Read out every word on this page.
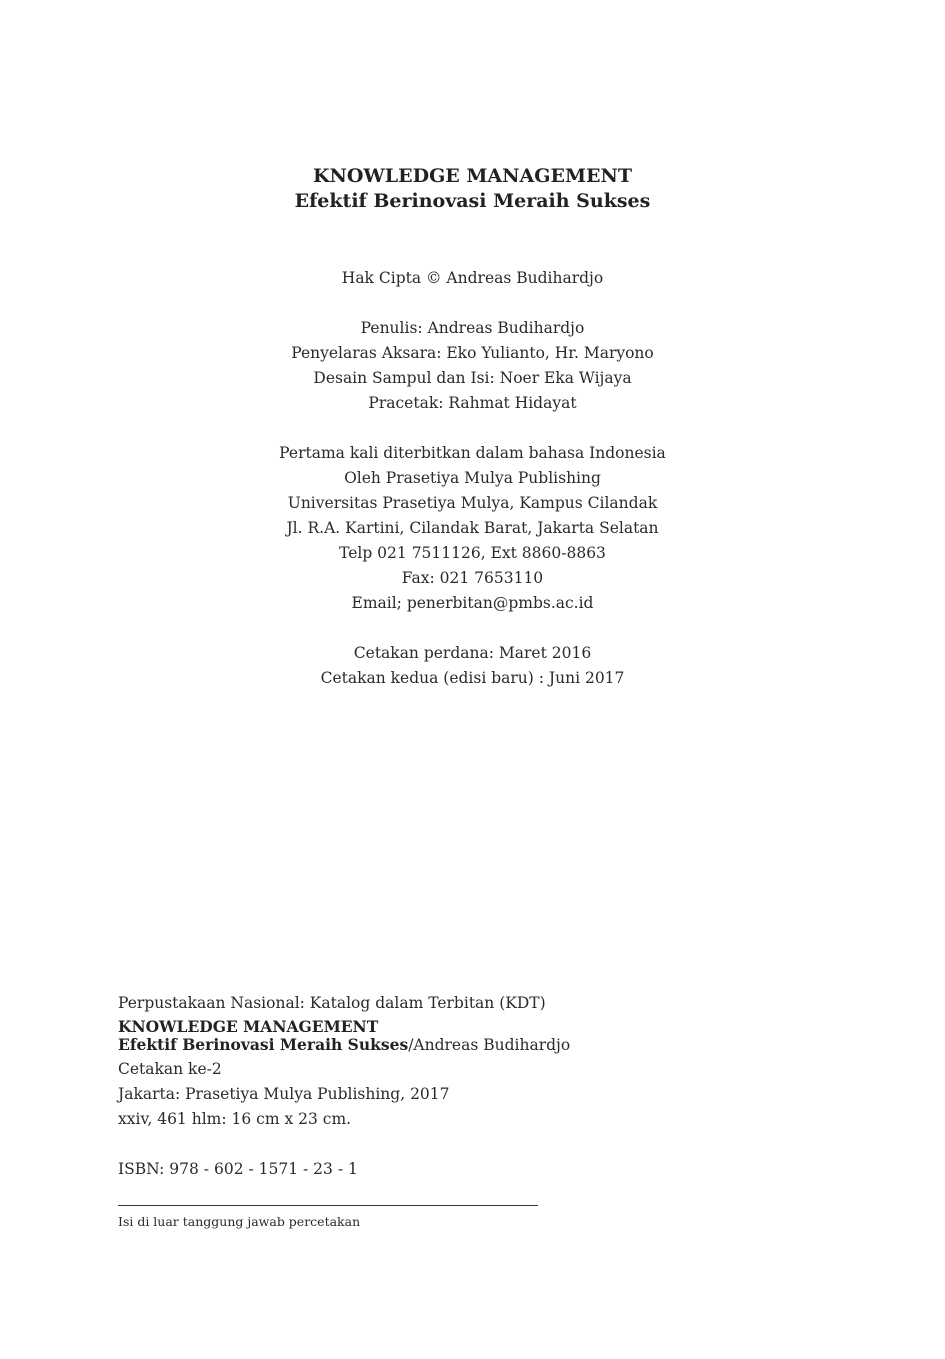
KNOWLEDGE MANAGEMENT
Efektif Berinovasi Meraih Sukses
Hak Cipta © Andreas Budihardjo
Penulis: Andreas Budihardjo
Penyelaras Aksara: Eko Yulianto, Hr. Maryono
Desain Sampul dan Isi: Noer Eka Wijaya
Pracetak: Rahmat Hidayat
Pertama kali diterbitkan dalam bahasa Indonesia
Oleh Prasetiya Mulya Publishing
Universitas Prasetiya Mulya, Kampus Cilandak
Jl. R.A. Kartini, Cilandak Barat, Jakarta Selatan
Telp 021 7511126, Ext 8860-8863
Fax: 021 7653110
Email; penerbitan@pmbs.ac.id
Cetakan perdana: Maret 2016
Cetakan kedua (edisi baru) : Juni 2017
Perpustakaan Nasional: Katalog dalam Terbitan (KDT)
KNOWLEDGE MANAGEMENT
Efektif Berinovasi Meraih Sukses/Andreas Budihardjo
Cetakan ke-2
Jakarta: Prasetiya Mulya Publishing, 2017
xxiv, 461 hlm: 16 cm x 23 cm.
ISBN: 978 - 602 - 1571 - 23 - 1
Isi di luar tanggung jawab percetakan
